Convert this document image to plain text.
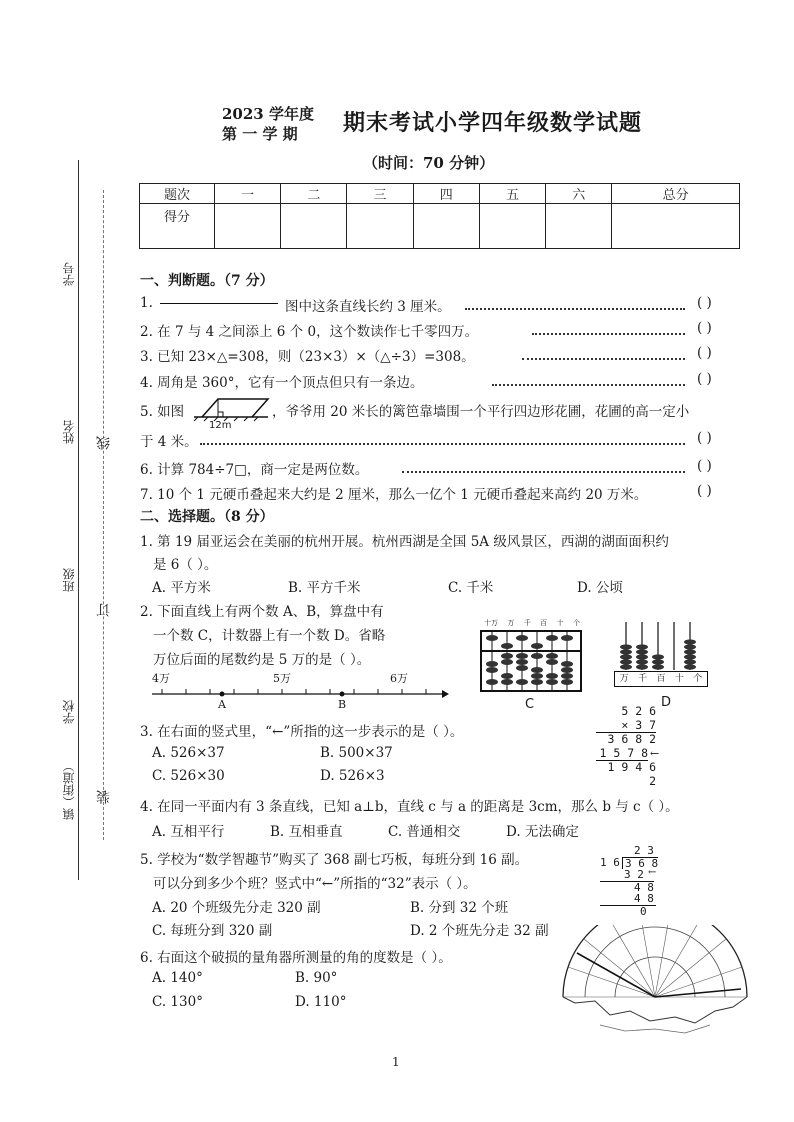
学号
姓名
班级
学校
镇（街道）
线
订
装
2023 学年度
第 一 学 期 期末考试小学四年级数学试题
（时间：70 分钟）
题次	一	二	三	四	五	六	总分
得分							
一、判断题。（7 分）
1.	图中这条直线长约 3 厘米。	( )
2. 在 7 与 4 之间添上 6 个 0，这个数读作七千零四万。	( )
3. 已知 23×△=308，则（23×3）×（△÷3）=308。	( )
4. 周角是 360°，它有一个顶点但只有一条边。	( )
5. 如图
12m
，爷爷用 20 米长的篱笆靠墙围一个平行四边形花圃，花圃的高一定小
于 4 米。	( )
6. 计算 784÷7□，商一定是两位数。	( )
7. 10 个 1 元硬币叠起来大约是 2 厘米，那么一亿个 1 元硬币叠起来高约 20 万米。	( )
二、选择题。（8 分）
1. 第 19 届亚运会在美丽的杭州开展。杭州西湖是全国 5A 级风景区，西湖的湖面面积约
是 6（ ）。
A. 平方米	B. 平方千米	C. 千米	D. 公顷
2. 下面直线上有两个数 A、B，算盘中有
一个数 C，计数器上有一个数 D。省略
万位后面的尾数约是 5 万的是（ ）。
4万	5万	6万
A	B
十万 万 千 百 十 个
C
万 千 百 十 个
D
3. 在右面的竖式里，“←”所指的这一步表示的是（ ）。
A. 526×37	B. 500×37
C. 526×30	D. 526×3
5 2 6
× 3 7
3 6 8 2
1 5 7 8
1 9 4 6 2
←
4. 在同一平面内有 3 条直线，已知 a⊥b，直线 c 与 a 的距离是 3cm，那么 b 与 c（ ）。
A. 互相平行	B. 互相垂直	C. 普通相交	D. 无法确定
5. 学校为“数学智趣节”购买了 368 副七巧板，每班分到 16 副。
可以分到多少个班？竖式中“←”所指的“32”表示（ ）。
A. 20 个班级先分走 320 副	B. 分到 32 个班
C. 每班分到 320 副	D. 2 个班先分走 32 副
2 3
1 6 3 6 8
3 2
4 8
4 8
0
←
6. 右面这个破损的量角器所测量的角的度数是（ ）。
A. 140°	B. 90°
C. 130°	D. 110°
1
